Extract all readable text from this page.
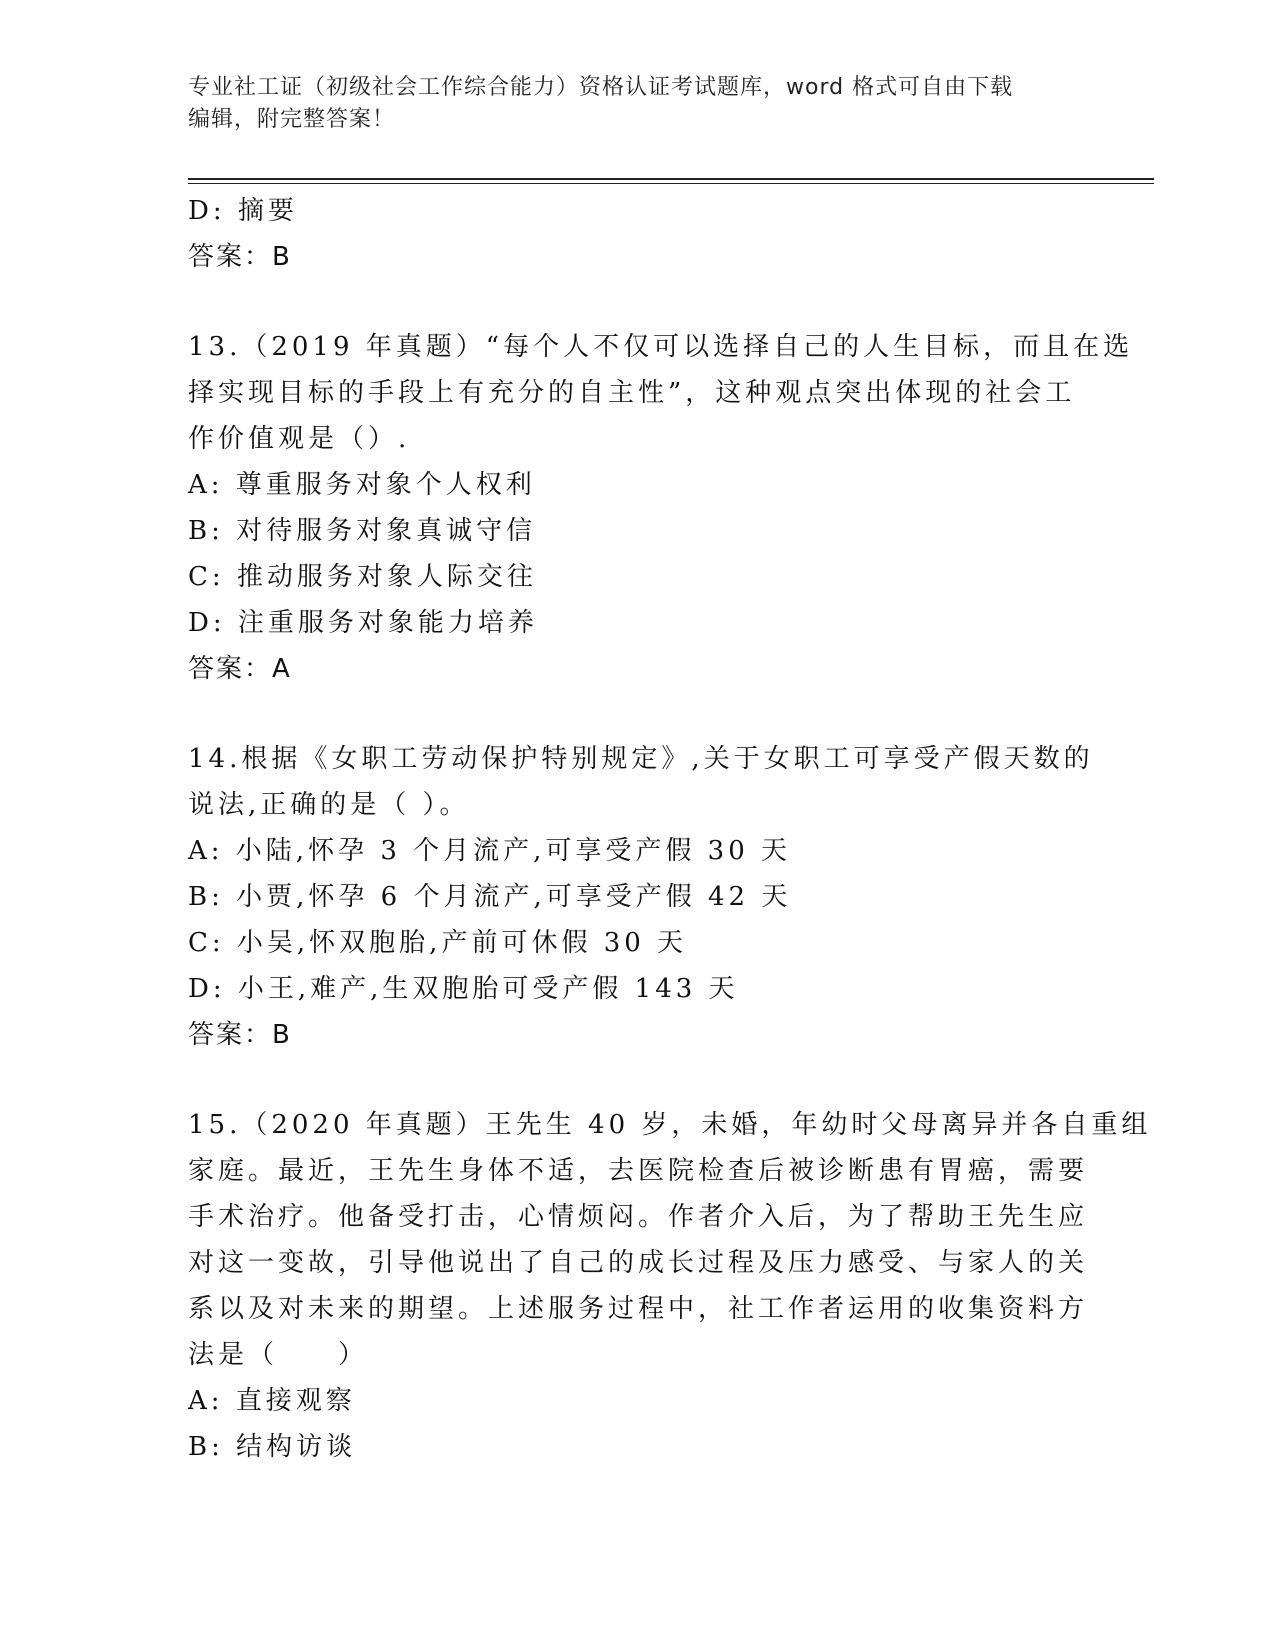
专业社工证（初级社会工作综合能力）资格认证考试题库，word 格式可自由下载
编辑，附完整答案！

D: 摘要

答案：B

13.（2019 年真题）“每个人不仅可以选择自己的人生目标，而且在选

择实现目标的手段上有充分的自主性”，这种观点突出体现的社会工

作价值观是（）.

A: 尊重服务对象个人权利

B: 对待服务对象真诚守信

C: 推动服务对象人际交往

D: 注重服务对象能力培养

答案：A

14.根据《女职工劳动保护特别规定》,关于女职工可享受产假天数的

说法,正确的是（ ）。

A: 小陆,怀孕 3 个月流产,可享受产假 30 天

B: 小贾,怀孕 6 个月流产,可享受产假 42 天

C: 小吴,怀双胞胎,产前可休假 30 天

D: 小王,难产,生双胞胎可受产假 143 天

答案：B

15.（2020 年真题）王先生 40 岁，未婚，年幼时父母离异并各自重组

家庭。最近，王先生身体不适，去医院检查后被诊断患有胃癌，需要

手术治疗。他备受打击，心情烦闷。作者介入后，为了帮助王先生应

对这一变故，引导他说出了自己的成长过程及压力感受、与家人的关

系以及对未来的期望。上述服务过程中，社工作者运用的收集资料方

法是（　　）

A: 直接观察

B: 结构访谈
